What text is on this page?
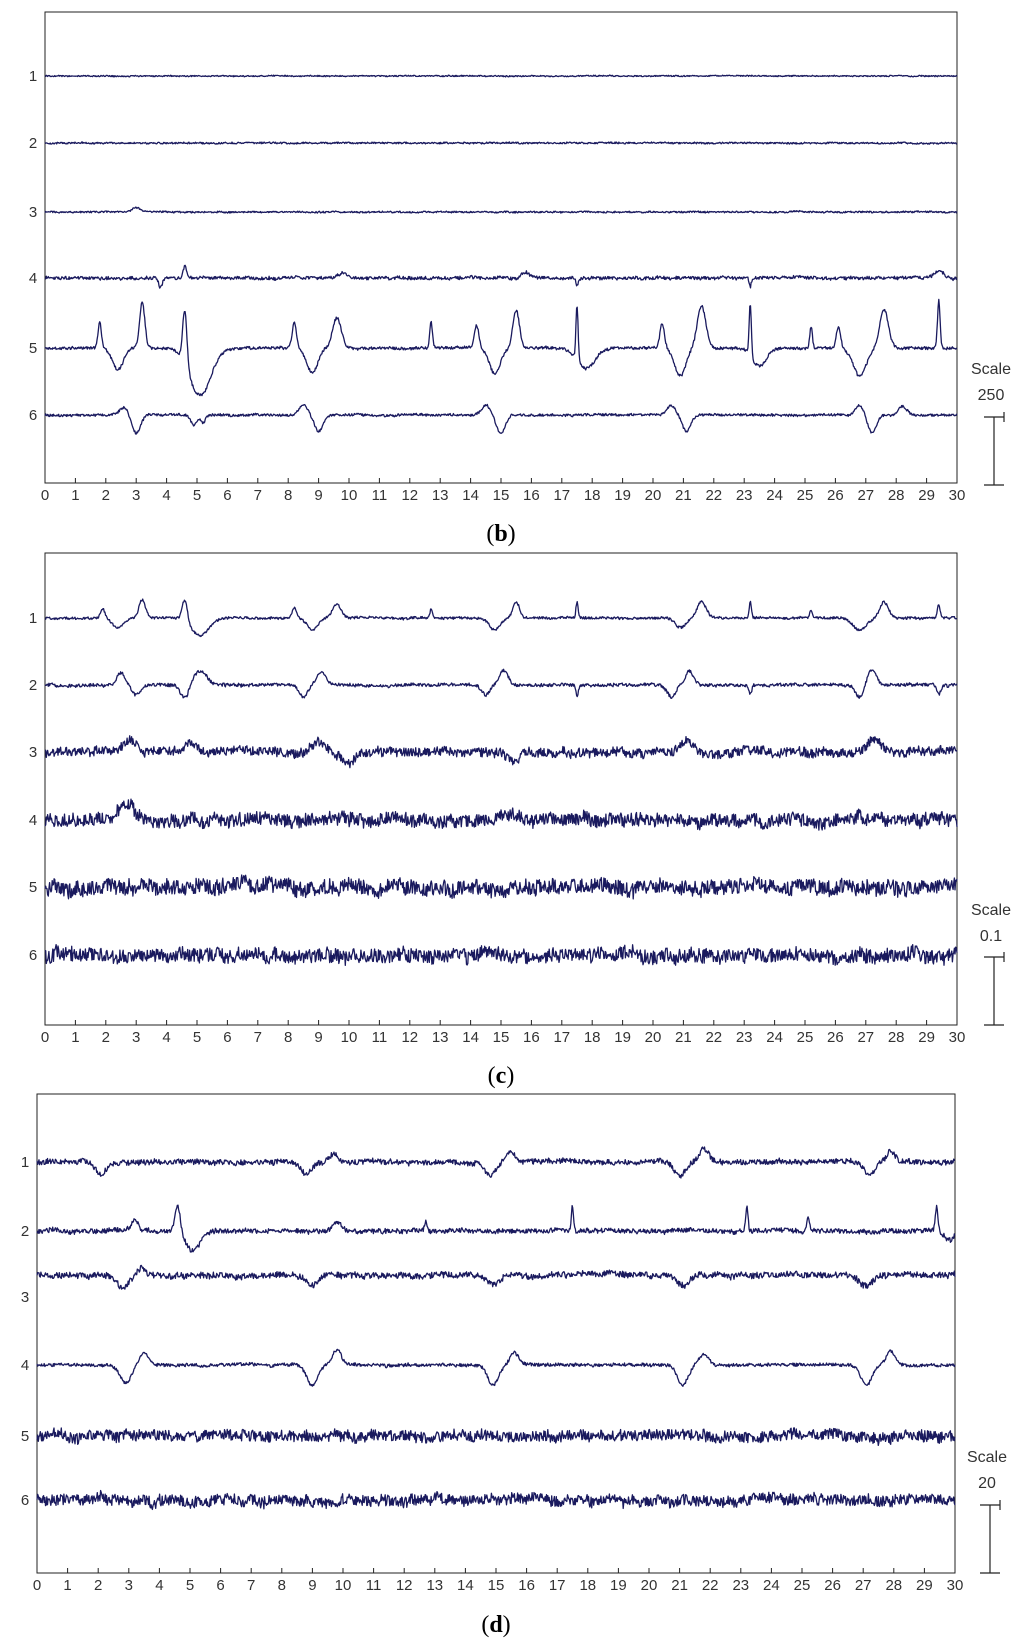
0 1 2 3 4 5 6 7 8 9 10 11 12 13 14 15 16 17 18 19 20 21 22 23 24 25 26 27 28 29 30
1
2
3
4
5
6
Scale
250
(b)
0 1 2 3 4 5 6 7 8 9 10 11 12 13 14 15 16 17 18 19 20 21 22 23 24 25 26 27 28 29 30
1
2
3
4
5
6
Scale
0.1
(c)
0 1 2 3 4 5 6 7 8 9 10 11 12 13 14 15 16 17 18 19 20 21 22 23 24 25 26 27 28 29 30
1
2
3
4
5
6
Scale
20
(d)
